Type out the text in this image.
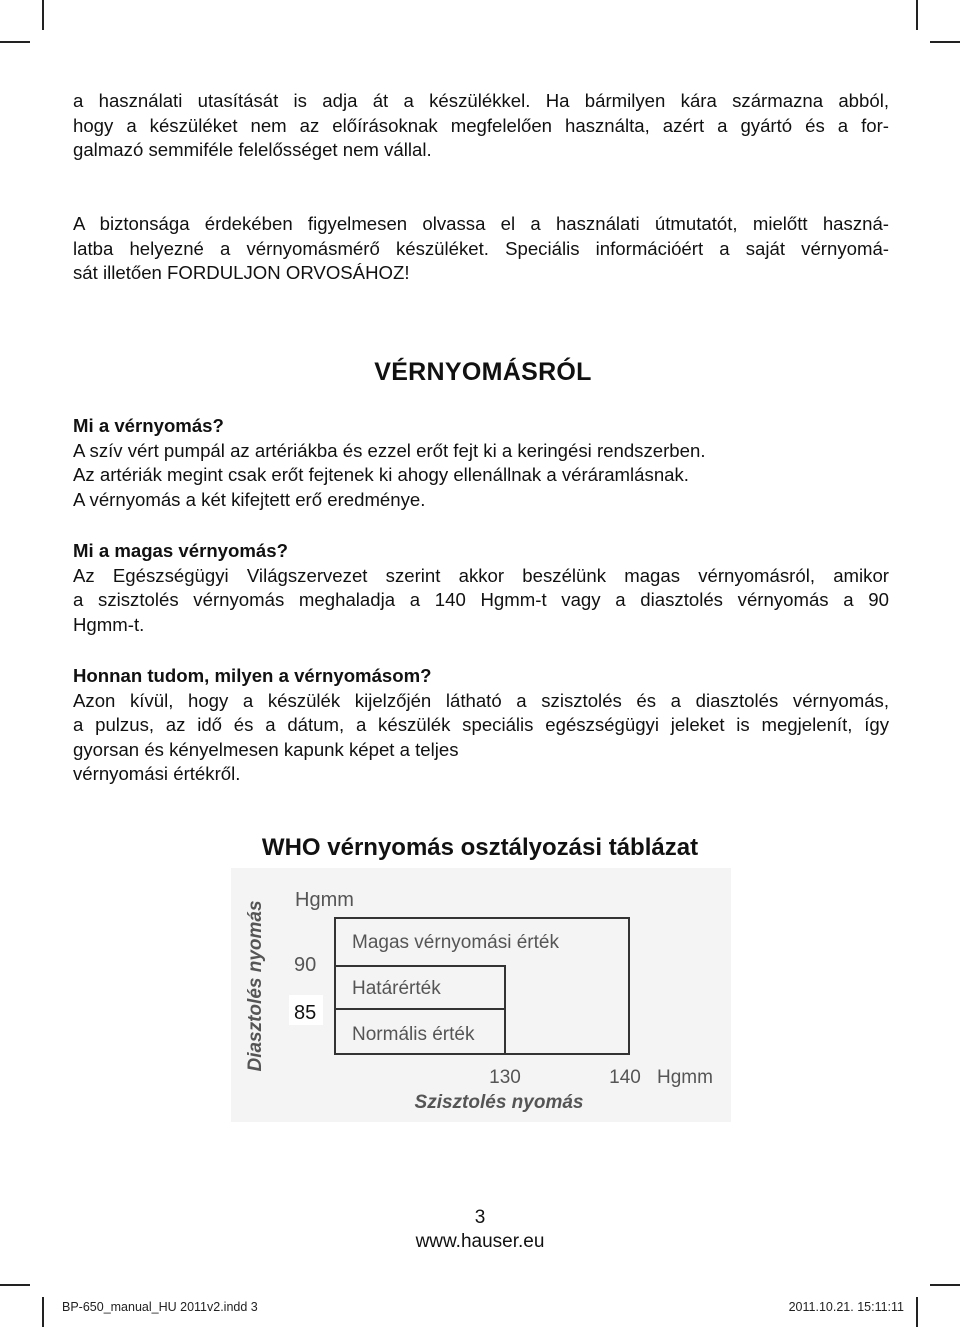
a használati utasítását is adja át a készülékkel. Ha bármilyen kára származna abból,
hogy a készüléket nem az előírásoknak megfelelően használta, azért a gyártó és a for-
galmazó semmiféle felelősséget nem vállal.

A biztonsága érdekében figyelmesen olvassa el a használati útmutatót, mielőtt haszná-
latba helyezné a vérnyomásmérő készüléket. Speciális információért a saját vérnyomá-
sát illetően FORDULJON ORVOSÁHOZ!

VÉRNYOMÁSRÓL
Mi a vérnyomás?
A szív vért pumpál az artériákba és ezzel erőt fejt ki a keringési rendszerben.
Az artériák megint csak erőt fejtenek ki ahogy ellenállnak a véráramlásnak.
A vérnyomás a két kifejtett erő eredménye.
Mi a magas vérnyomás?
Az Egészségügyi Világszervezet szerint akkor beszélünk magas vérnyomásról, amikor
a szisztolés vérnyomás meghaladja a 140 Hgmm-t vagy a diasztolés vérnyomás a 90
Hgmm-t.
Honnan tudom, milyen a vérnyomásom?
Azon kívül, hogy a készülék kijelzőjén látható a szisztolés és a diasztolés vérnyomás,
a pulzus, az idő és a dátum, a készülék speciális egészségügyi jeleket is megjelenít, így
gyorsan és kényelmesen kapunk képet a teljes
vérnyomási értékről.
WHO vérnyomás osztályozási táblázat
Diasztolés nyomás
Hgmm
90
85
Magas vérnyomási érték
Határérték
Normális érték
130	140 Hgmm
Szisztolés nyomás
3
www.hauser.eu
BP-650_manual_HU 2011v2.indd 3	2011.10.21. 15:11:11
